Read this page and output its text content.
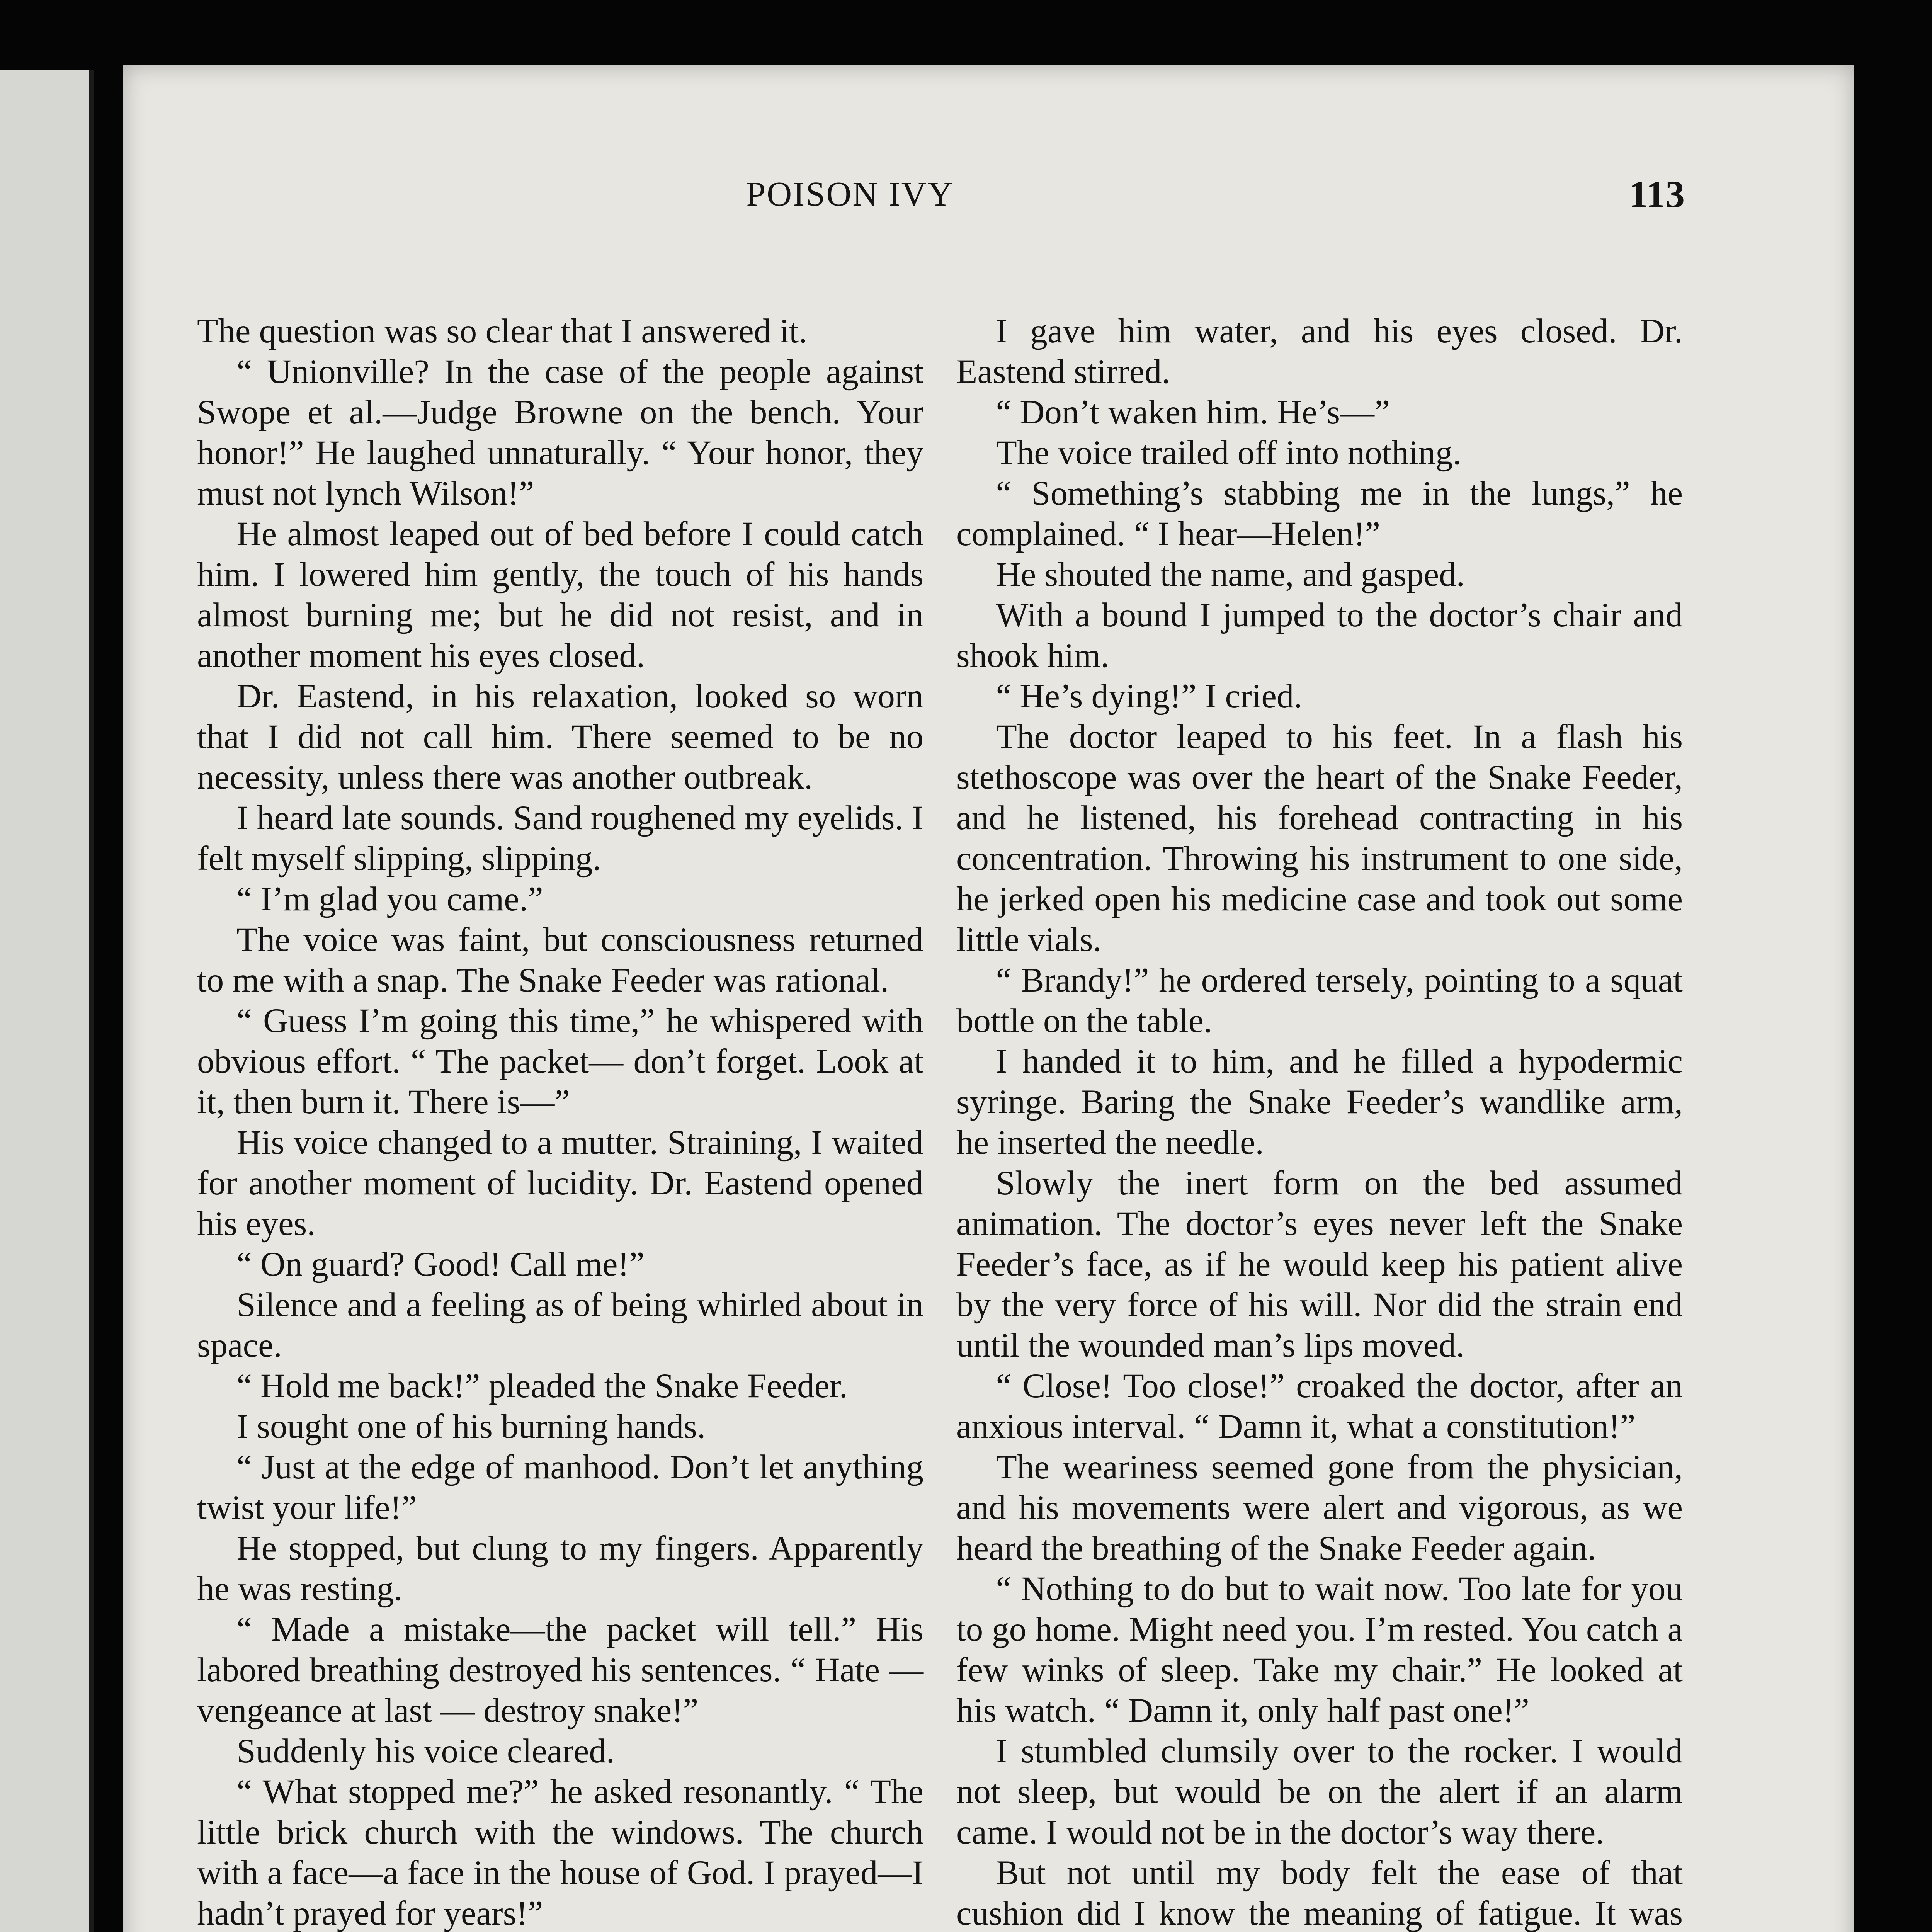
POISON IVY	113

The question was so clear that I answered it.

“ Unionville? In the case of the people against Swope et al.—Judge Browne on the bench. Your honor!” He laughed unnaturally. “ Your honor, they must not lynch Wilson!”

He almost leaped out of bed before I could catch him. I lowered him gently, the touch of his hands almost burning me; but he did not resist, and in another moment his eyes closed.

Dr. Eastend, in his relaxation, looked so worn that I did not call him. There seemed to be no necessity, unless there was another outbreak.

I heard late sounds. Sand roughened my eyelids. I felt myself slipping, slipping.

“ I’m glad you came.”

The voice was faint, but consciousness returned to me with a snap. The Snake Feeder was rational.

“ Guess I’m going this time,” he whispered with obvious effort. “ The packet— don’t forget. Look at it, then burn it. There is—”

His voice changed to a mutter. Straining, I waited for another moment of lucidity. Dr. Eastend opened his eyes.

“ On guard? Good! Call me!”

Silence and a feeling as of being whirled about in space.

“ Hold me back!” pleaded the Snake Feeder.

I sought one of his burning hands.

“ Just at the edge of manhood. Don’t let anything twist your life!”

He stopped, but clung to my fingers. Apparently he was resting.

“ Made a mistake—the packet will tell.” His labored breathing destroyed his sentences. “ Hate — vengeance at last — destroy snake!”

Suddenly his voice cleared.

“ What stopped me?” he asked resonantly. “ The little brick church with the windows. The church with a face—a face in the house of God. I prayed—I hadn’t prayed for years!”

I gave him water, and his eyes closed. Dr. Eastend stirred.

“ Don’t waken him. He’s—”

The voice trailed off into nothing.

“ Something’s stabbing me in the lungs,” he complained. “ I hear—Helen!”

He shouted the name, and gasped.

With a bound I jumped to the doctor’s chair and shook him.

“ He’s dying!” I cried.

The doctor leaped to his feet. In a flash his stethoscope was over the heart of the Snake Feeder, and he listened, his forehead contracting in his concentration. Throwing his instrument to one side, he jerked open his medicine case and took out some little vials.

“ Brandy!” he ordered tersely, pointing to a squat bottle on the table.

I handed it to him, and he filled a hypodermic syringe. Baring the Snake Feeder’s wandlike arm, he inserted the needle.

Slowly the inert form on the bed assumed animation. The doctor’s eyes never left the Snake Feeder’s face, as if he would keep his patient alive by the very force of his will. Nor did the strain end until the wounded man’s lips moved.

“ Close! Too close!” croaked the doctor, after an anxious interval. “ Damn it, what a constitution!”

The weariness seemed gone from the physician, and his movements were alert and vigorous, as we heard the breathing of the Snake Feeder again.

“ Nothing to do but to wait now. Too late for you to go home. Might need you. I’m rested. You catch a few winks of sleep. Take my chair.” He looked at his watch. “ Damn it, only half past one!”

I stumbled clumsily over to the rocker. I would not sleep, but would be on the alert if an alarm came. I would not be in the doctor’s way there.

But not until my body felt the ease of that cushion did I know the meaning of fatigue. It was
